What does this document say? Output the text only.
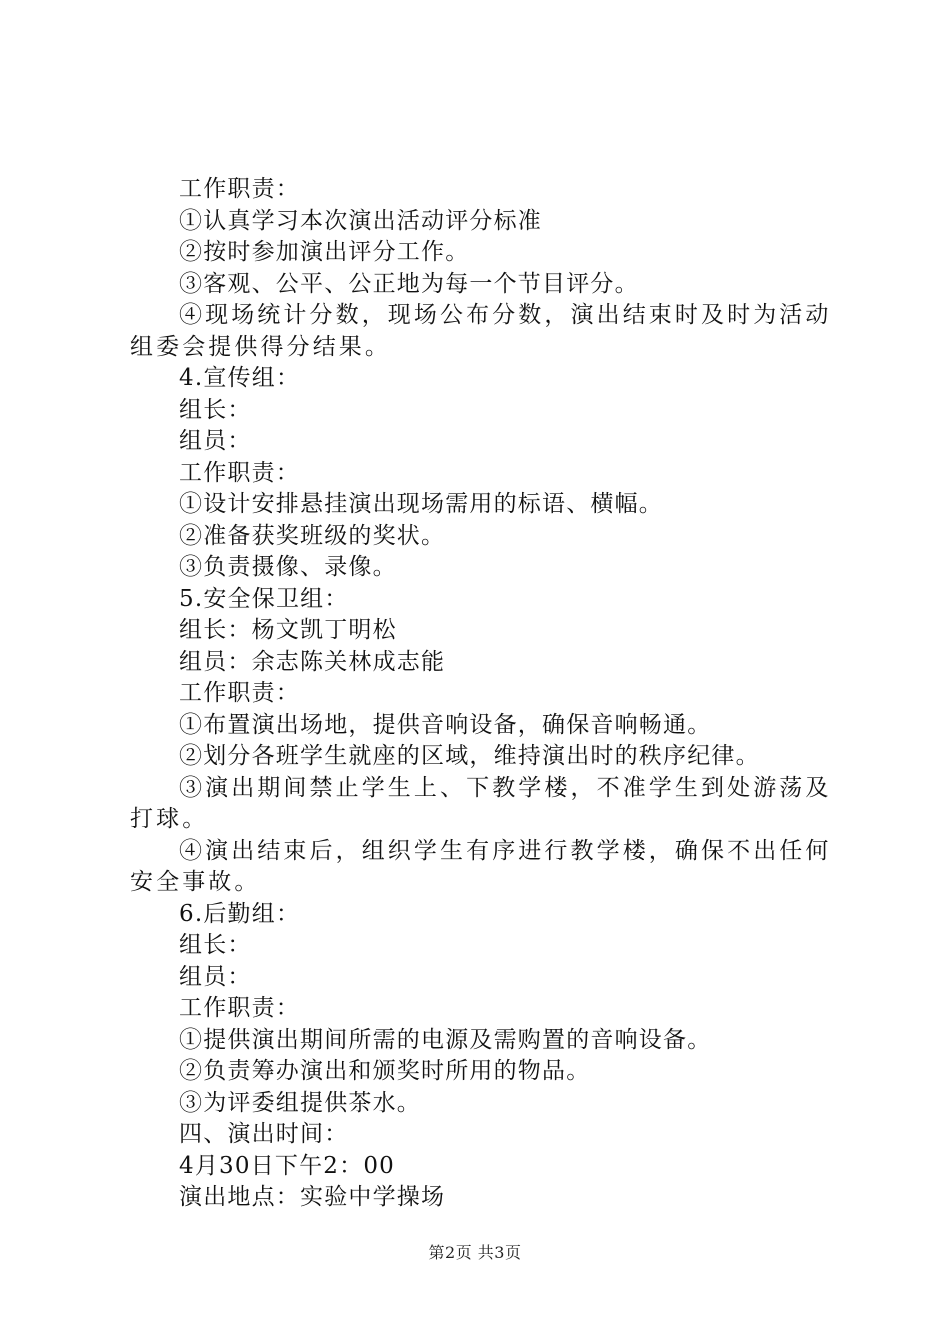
工作职责：

①认真学习本次演出活动评分标准

②按时参加演出评分工作。

③客观、公平、公正地为每一个节目评分。

④现场统计分数，现场公布分数，演出结束时及时为活动组委会提供得分结果。

4.宣传组：

组长：

组员：

工作职责：

①设计安排悬挂演出现场需用的标语、横幅。

②准备获奖班级的奖状。

③负责摄像、录像。

5.安全保卫组：

组长：杨文凯丁明松

组员：余志陈关林成志能

工作职责：

①布置演出场地，提供音响设备，确保音响畅通。

②划分各班学生就座的区域，维持演出时的秩序纪律。

③演出期间禁止学生上、下教学楼，不准学生到处游荡及打球。

④演出结束后，组织学生有序进行教学楼，确保不出任何安全事故。

6.后勤组：

组长：

组员：

工作职责：

①提供演出期间所需的电源及需购置的音响设备。

②负责筹办演出和颁奖时所用的物品。

③为评委组提供茶水。

四、演出时间：

4月30日下午2：00

演出地点：实验中学操场

第2页 共3页
